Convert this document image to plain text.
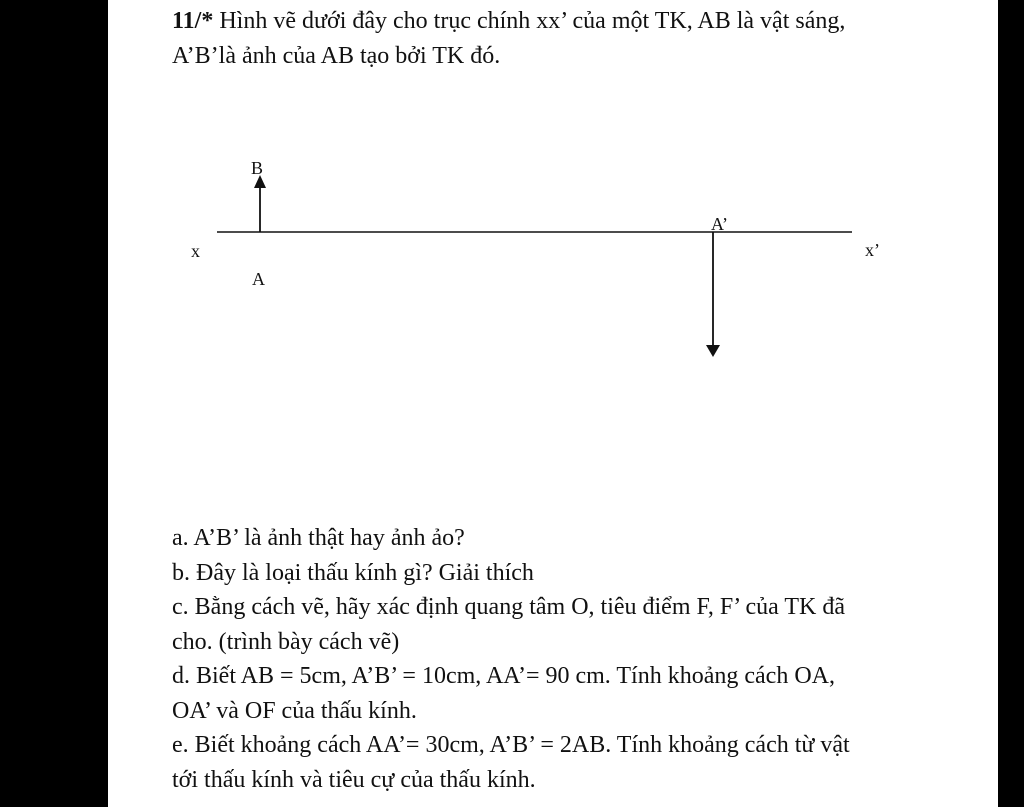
11/* Hình vẽ dưới đây cho trục chính xx’ của một TK, AB là vật sáng,
A’B’là ảnh của AB tạo bởi TK đó.
B
A
A’
x	x’
a. A’B’ là ảnh thật hay ảnh ảo?
b. Đây là loại thấu kính gì? Giải thích
c. Bằng cách vẽ, hãy xác định quang tâm O, tiêu điểm F, F’ của TK đã
cho. (trình bày cách vẽ)
d. Biết AB = 5cm, A’B’ = 10cm, AA’= 90 cm. Tính khoảng cách OA,
OA’ và OF của thấu kính.
e. Biết khoảng cách AA’= 30cm, A’B’ = 2AB. Tính khoảng cách từ vật
tới thấu kính và tiêu cự của thấu kính.
